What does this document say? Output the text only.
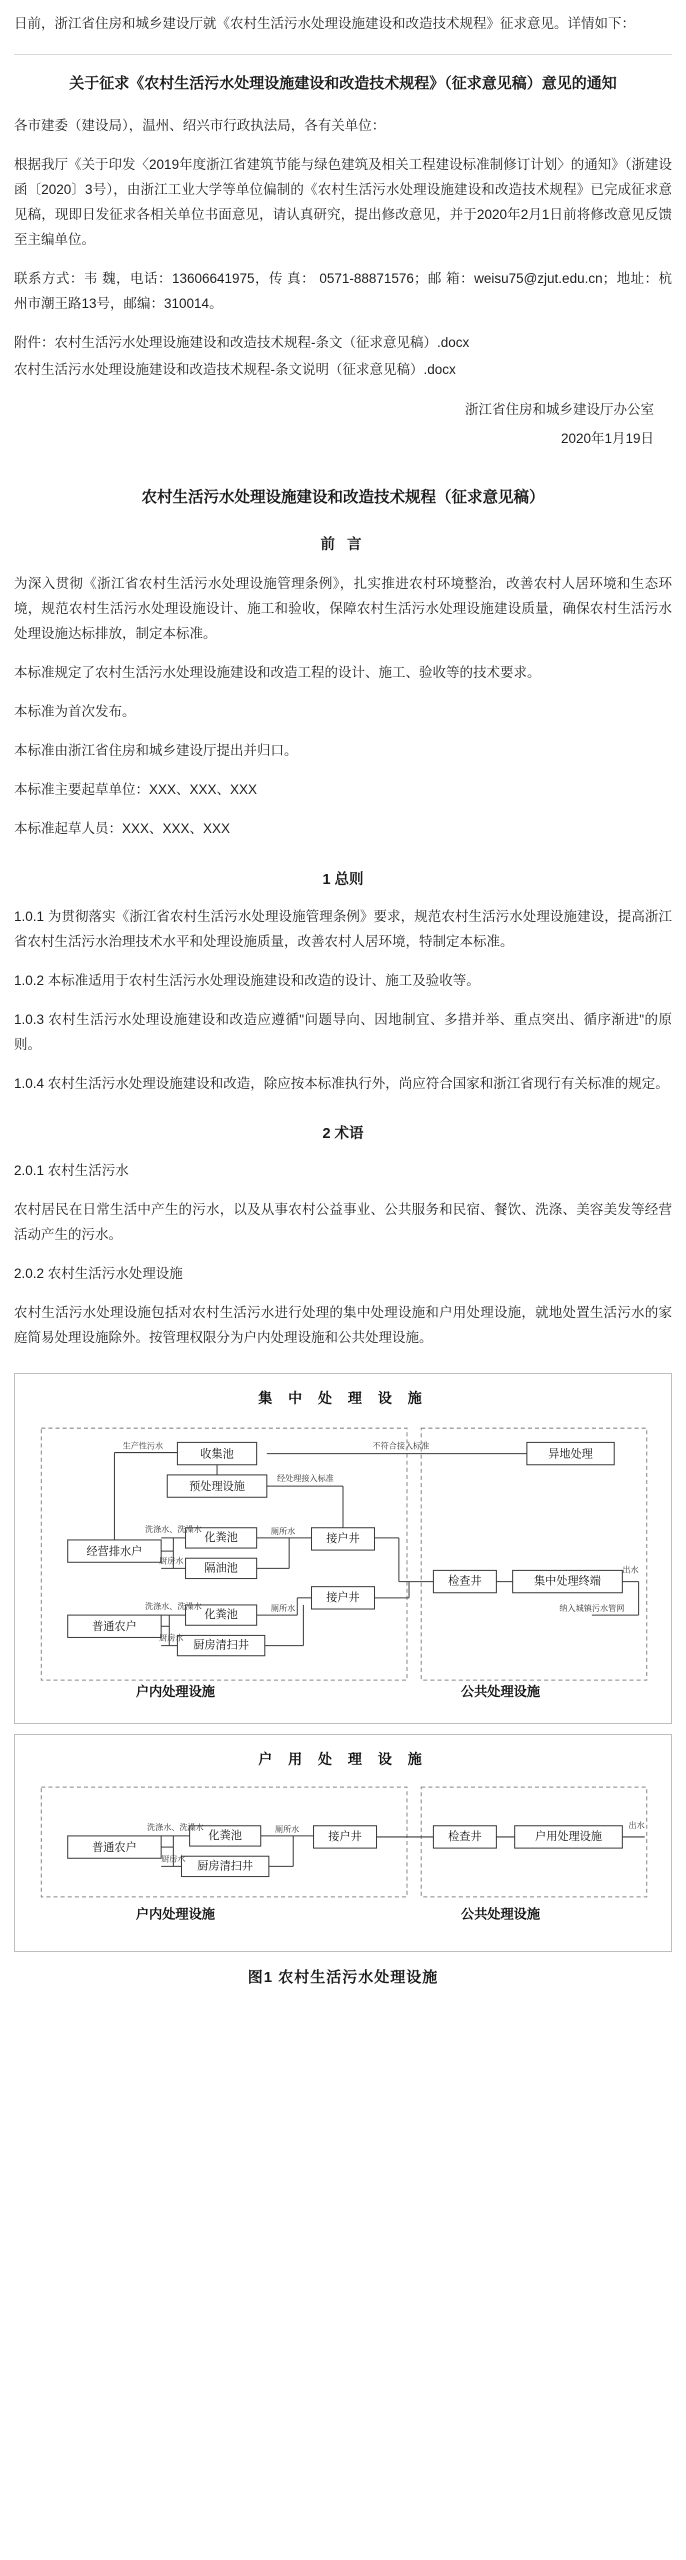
日前，浙江省住房和城乡建设厅就《农村生活污水处理设施建设和改造技术规程》征求意见。详情如下：

关于征求《农村生活污水处理设施建设和改造技术规程》（征求意见稿）意见的通知

各市建委（建设局），温州、绍兴市行政执法局，各有关单位：

根据我厅《关于印发〈2019年度浙江省建筑节能与绿色建筑及相关工程建设标准制修订计划〉的通知》（浙建设函〔2020〕3号），由浙江工业大学等单位偏制的《农村生活污水处理设施建设和改造技术规程》已完成征求意见稿，现即日发征求各相关单位书面意见，请认真研究，提出修改意见，并于2020年2月1日前将修改意见反馈至主编单位。

联系方式：韦 魏，电话：13606641975，传 真： 0571-88871576；邮 箱：weisu75@zjut.edu.cn；地址：杭州市潮王路13号，邮编：310014。

附件：农村生活污水处理设施建设和改造技术规程-条文（征求意见稿）.docx

农村生活污水处理设施建设和改造技术规程-条文说明（征求意见稿）.docx

浙江省住房和城乡建设厅办公室

2020年1月19日

农村生活污水处理设施建设和改造技术规程（征求意见稿）
前 言

为深入贯彻《浙江省农村生活污水处理设施管理条例》，扎实推进农村环境整治，改善农村人居环境和生态环境，规范农村生活污水处理设施设计、施工和验收，保障农村生活污水处理设施建设质量，确保农村生活污水处理设施达标排放，制定本标准。

本标准规定了农村生活污水处理设施建设和改造工程的设计、施工、验收等的技术要求。

本标准为首次发布。

本标准由浙江省住房和城乡建设厅提出并归口。

本标准主要起草单位：XXX、XXX、XXX

本标准起草人员：XXX、XXX、XXX

1 总则

1.0.1 为贯彻落实《浙江省农村生活污水处理设施管理条例》要求，规范农村生活污水处理设施建设，提高浙江省农村生活污水治理技术水平和处理设施质量，改善农村人居环境，特制定本标准。

1.0.2 本标准适用于农村生活污水处理设施建设和改造的设计、施工及验收等。

1.0.3 农村生活污水处理设施建设和改造应遵循"问题导向、因地制宜、多措并举、重点突出、循序渐进"的原则。

1.0.4 农村生活污水处理设施建设和改造，除应按本标准执行外，尚应符合国家和浙江省现行有关标准的规定。

2 术语

2.0.1 农村生活污水

农村居民在日常生活中产生的污水，以及从事农村公益事业、公共服务和民宿、餐饮、洗涤、美容美发等经营活动产生的污水。

2.0.2 农村生活污水处理设施

农村生活污水处理设施包括对农村生活污水进行处理的集中处理设施和户用处理设施，就地处置生活污水的家庭简易处理设施除外。按管理权限分为户内处理设施和公共处理设施。

集 中 处 理 设 施
收集池
预处理设施
经营排水户
化粪池
隔油池
普通农户
化粪池
厨房清扫井
接户井
接户井
检查井	集中处理终端
异地处理
生产性污水	不符合接入标准
经处理接入标准
洗涤水、洗澡水
厨房水
洗涤水、洗澡水
厨房水
厕所水
厕所水
出水
纳入城镇污水管网
户内处理设施	公共处理设施
户 用 处 理 设 施
普通农户
化粪池
厨房清扫井
接户井	检查井	户用处理设施
洗涤水、洗澡水
厨房水
厕所水	出水
户内处理设施	公共处理设施
图1 农村生活污水处理设施
